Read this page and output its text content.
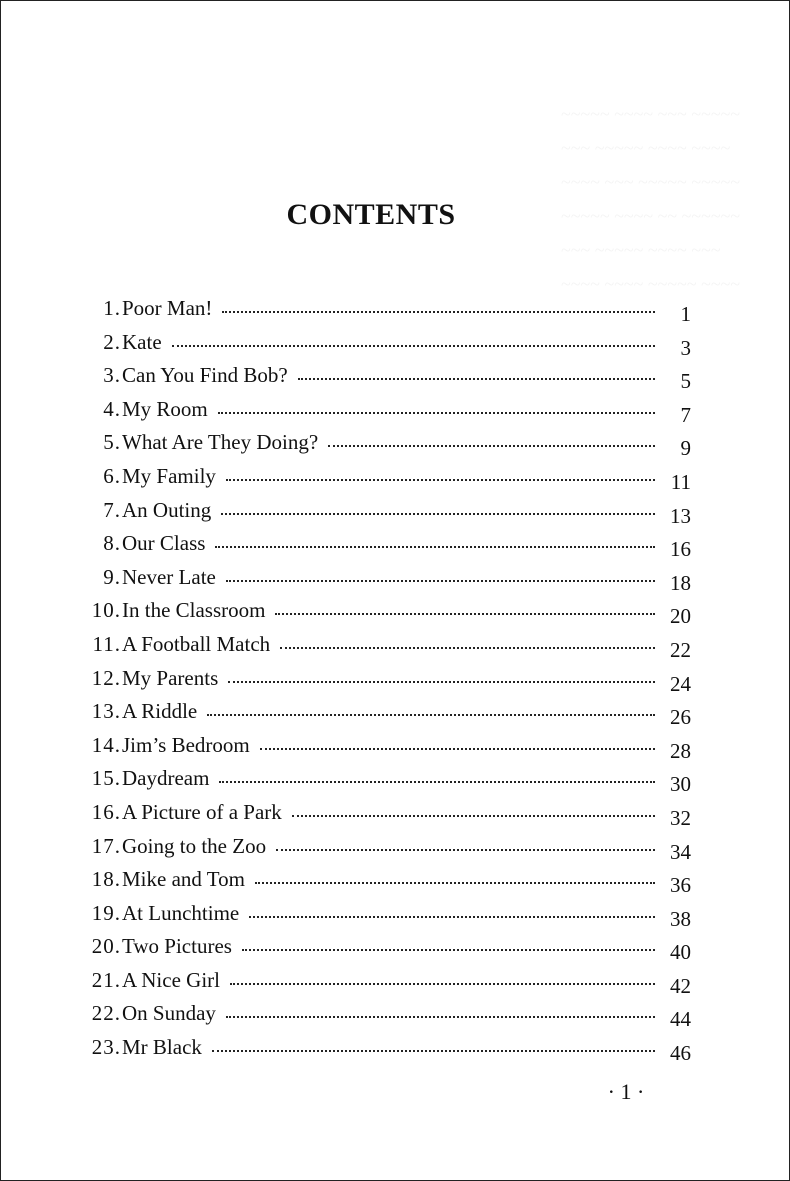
CONTENTS
1. Poor Man!	1
2. Kate	3
3. Can You Find Bob?	5
4. My Room	7
5. What Are They Doing?	9
6. My Family	11
7. An Outing	13
8. Our Class	16
9. Never Late	18
10. In the Classroom	20
11. A Football Match	22
12. My Parents	24
13. A Riddle	26
14. Jim’s Bedroom	28
15. Daydream	30
16. A Picture of a Park	32
17. Going to the Zoo	34
18. Mike and Tom	36
19. At Lunchtime	38
20. Two Pictures	40
21. A Nice Girl	42
22. On Sunday	44
23. Mr Black	46
· 1 ·
